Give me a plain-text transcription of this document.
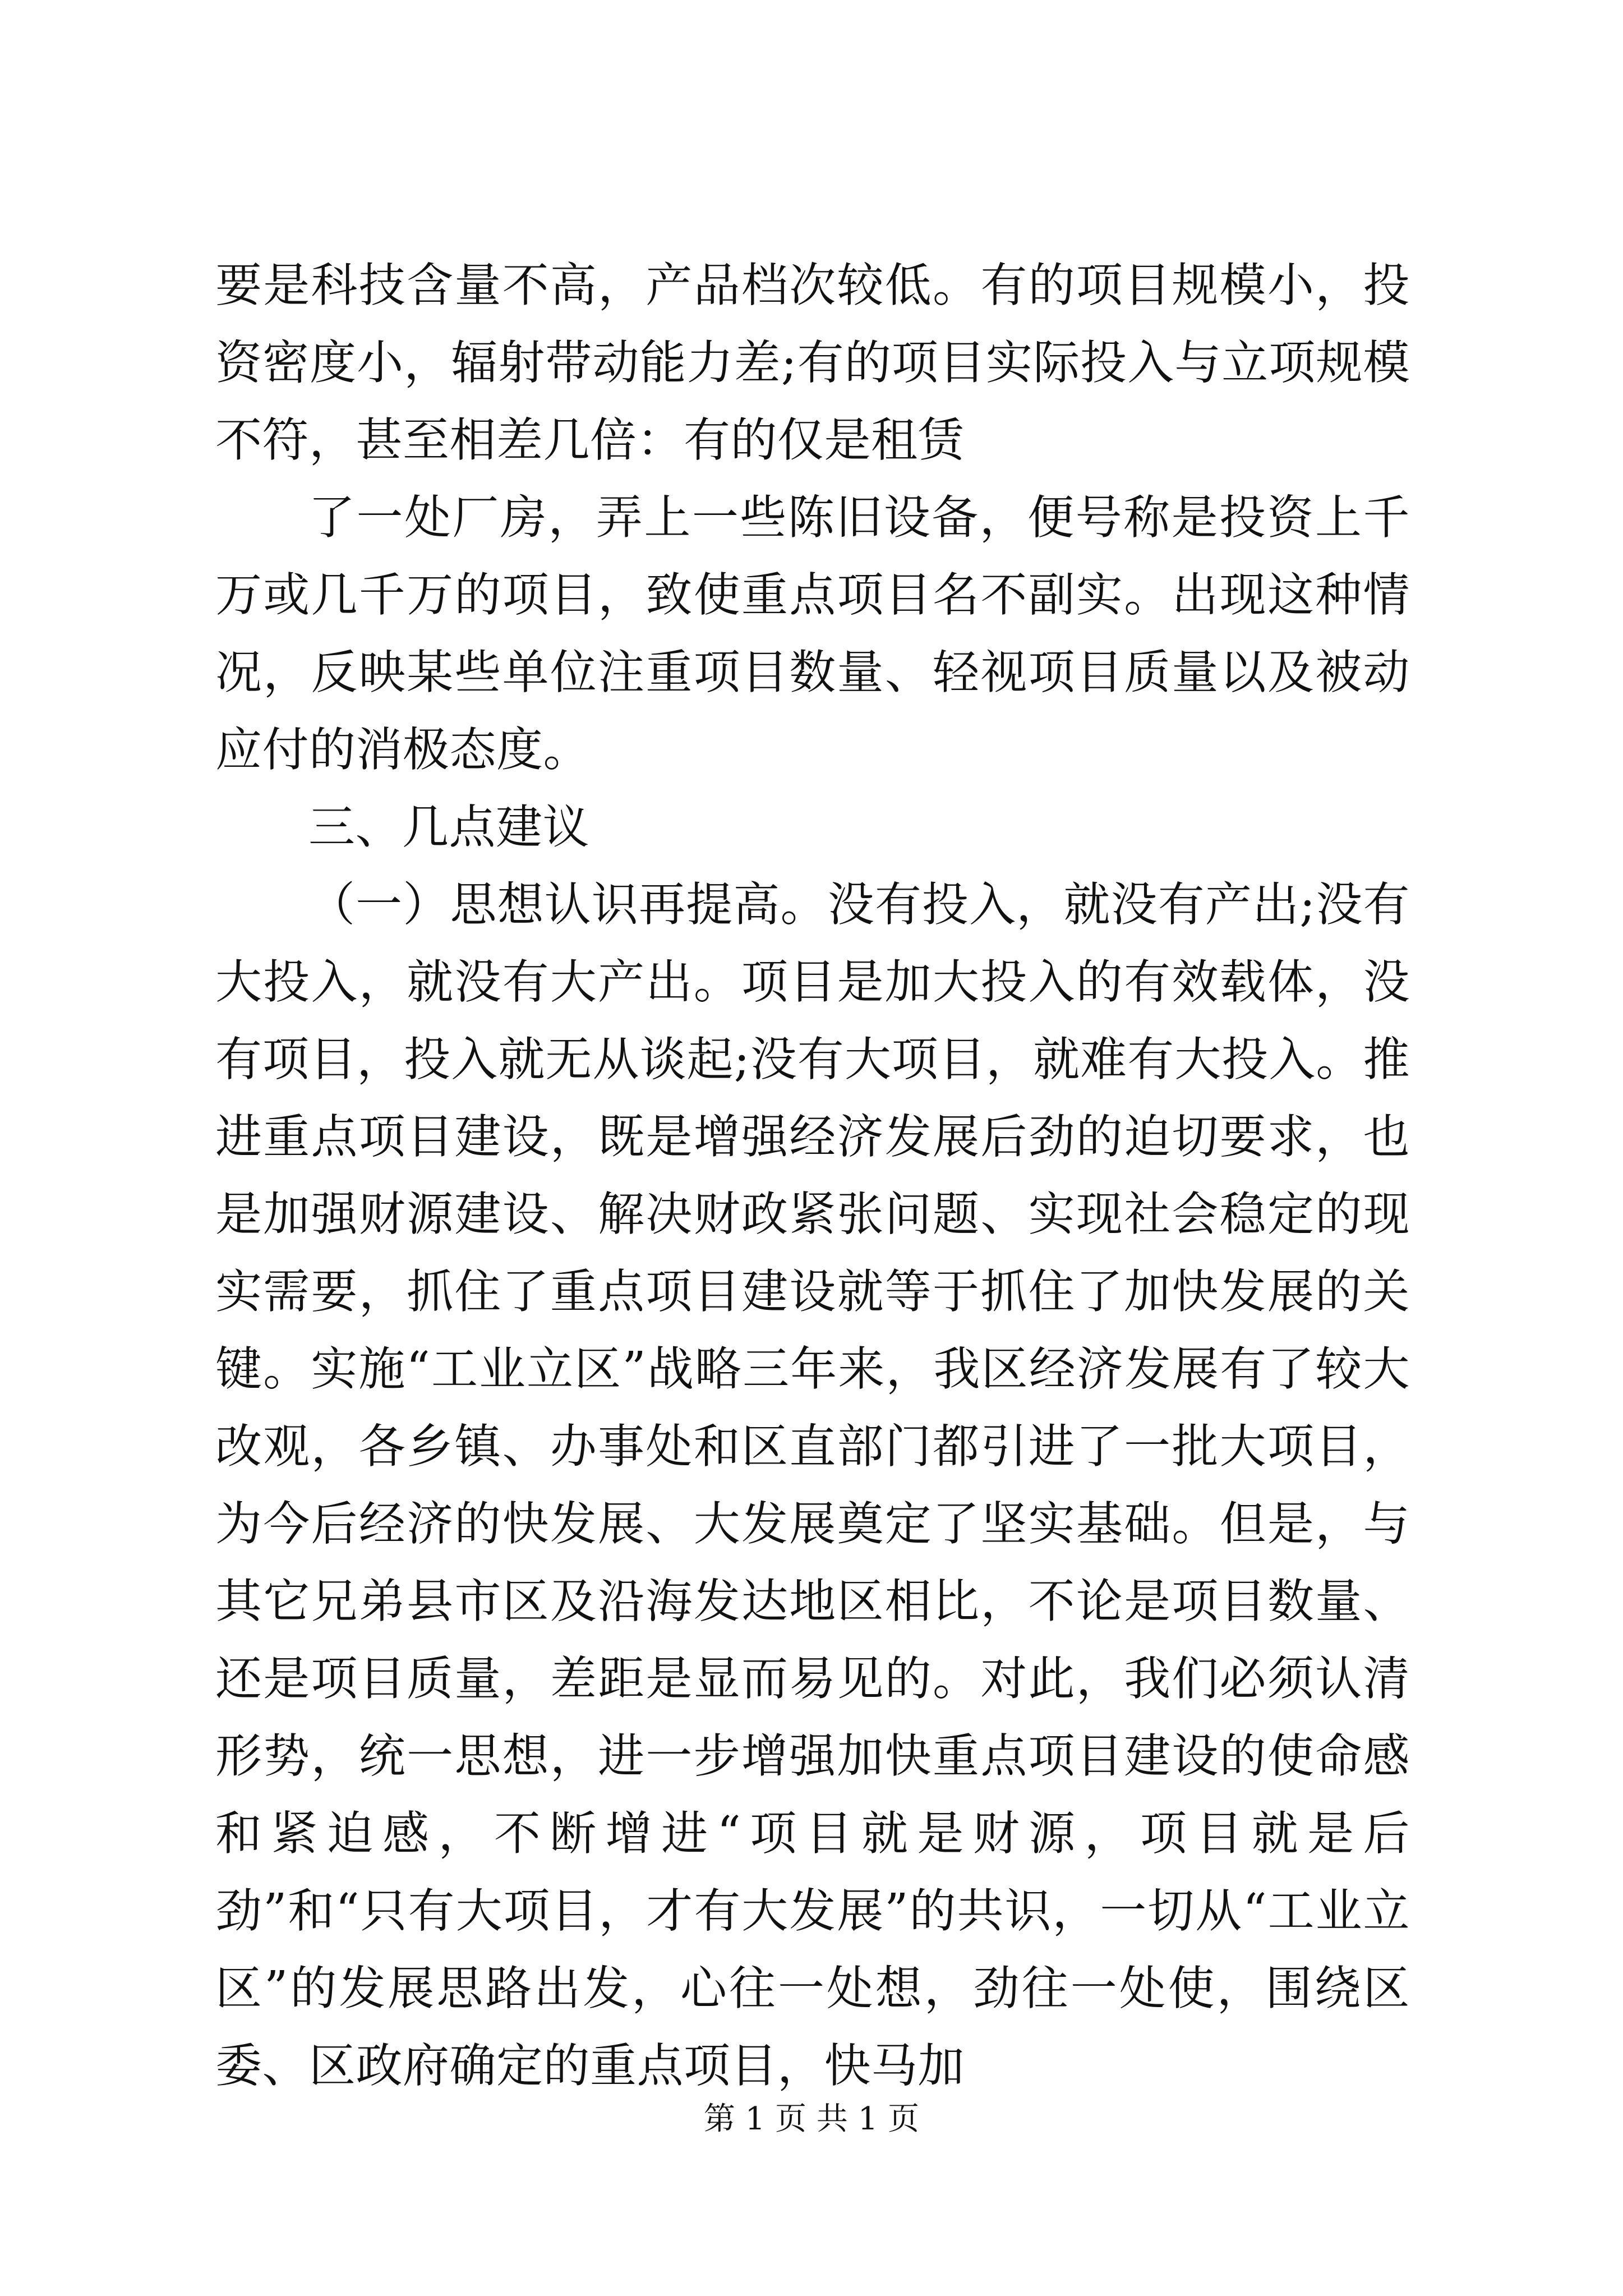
要是科技含量不高，产品档次较低。有的项目规模小，投资密度小，辐射带动能力差;有的项目实际投入与立项规模不符，甚至相差几倍：有的仅是租赁

了一处厂房，弄上一些陈旧设备，便号称是投资上千万或几千万的项目，致使重点项目名不副实。出现这种情况，反映某些单位注重项目数量、轻视项目质量以及被动应付的消极态度。

三、几点建议

（一）思想认识再提高。没有投入，就没有产出;没有大投入，就没有大产出。项目是加大投入的有效载体，没有项目，投入就无从谈起;没有大项目，就难有大投入。推进重点项目建设，既是增强经济发展后劲的迫切要求，也是加强财源建设、解决财政紧张问题、实现社会稳定的现实需要，抓住了重点项目建设就等于抓住了加快发展的关键。实施“工业立区”战略三年来，我区经济发展有了较大改观，各乡镇、办事处和区直部门都引进了一批大项目，为今后经济的快发展、大发展奠定了坚实基础。但是，与其它兄弟县市区及沿海发达地区相比，不论是项目数量、还是项目质量，差距是显而易见的。对此，我们必须认清形势，统一思想，进一步增强加快重点项目建设的使命感和紧迫感，不断增进“项目就是财源，项目就是后劲”和“只有大项目，才有大发展”的共识，一切从“工业立区”的发展思路出发，心往一处想，劲往一处使，围绕区委、区政府确定的重点项目，快马加

第 1 页 共 1 页
